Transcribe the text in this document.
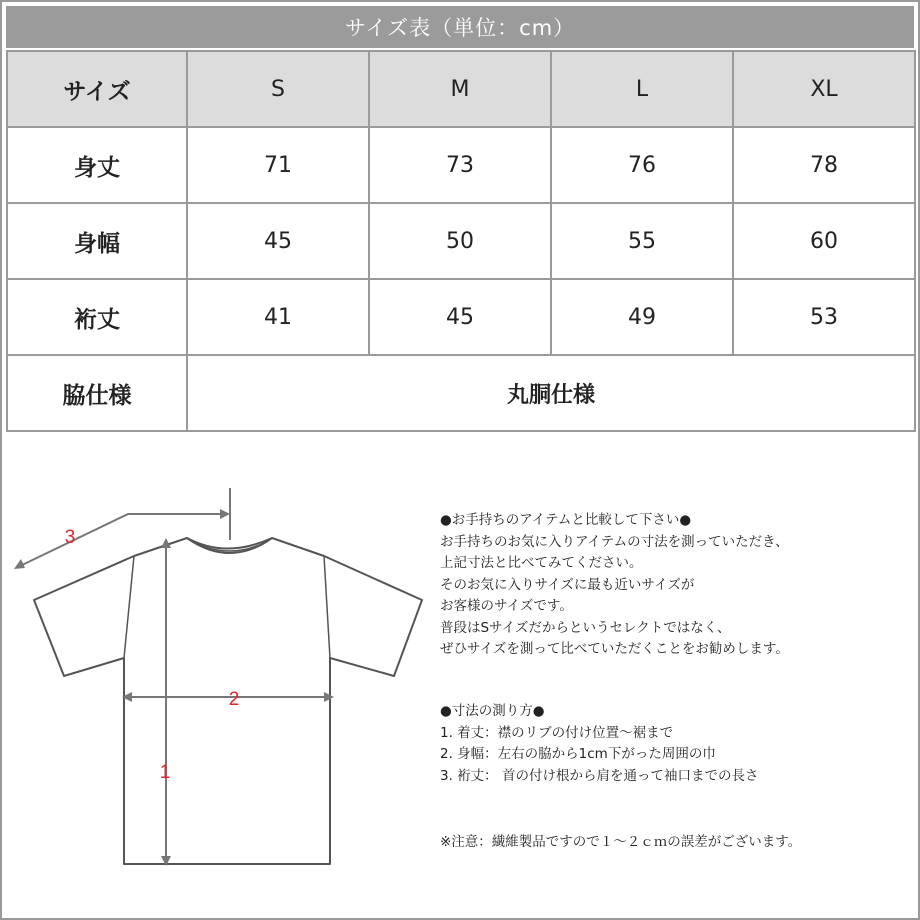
サイズ表（単位：cm）
サイズ	S	M	L	XL
身丈	71	73	76	78
身幅	45	50	55	60
裄丈	41	45	49	53
脇仕様	丸胴仕様			
1
2
3
●お手持ちのアイテムと比較して下さい●
お手持ちのお気に入りアイテムの寸法を測っていただき、
上記寸法と比べてみてください。
そのお気に入りサイズに最も近いサイズが
お客様のサイズです。
普段はSサイズだからというセレクトではなく、
ぜひサイズを測って比べていただくことをお勧めします。
●寸法の測り方●
1. 着丈：襟のリブの付け位置～裾まで
2. 身幅：左右の脇から1cm下がった周囲の巾
3. 裄丈： 首の付け根から肩を通って袖口までの長さ
※注意：繊維製品ですので１～２ｃｍの誤差がございます。
